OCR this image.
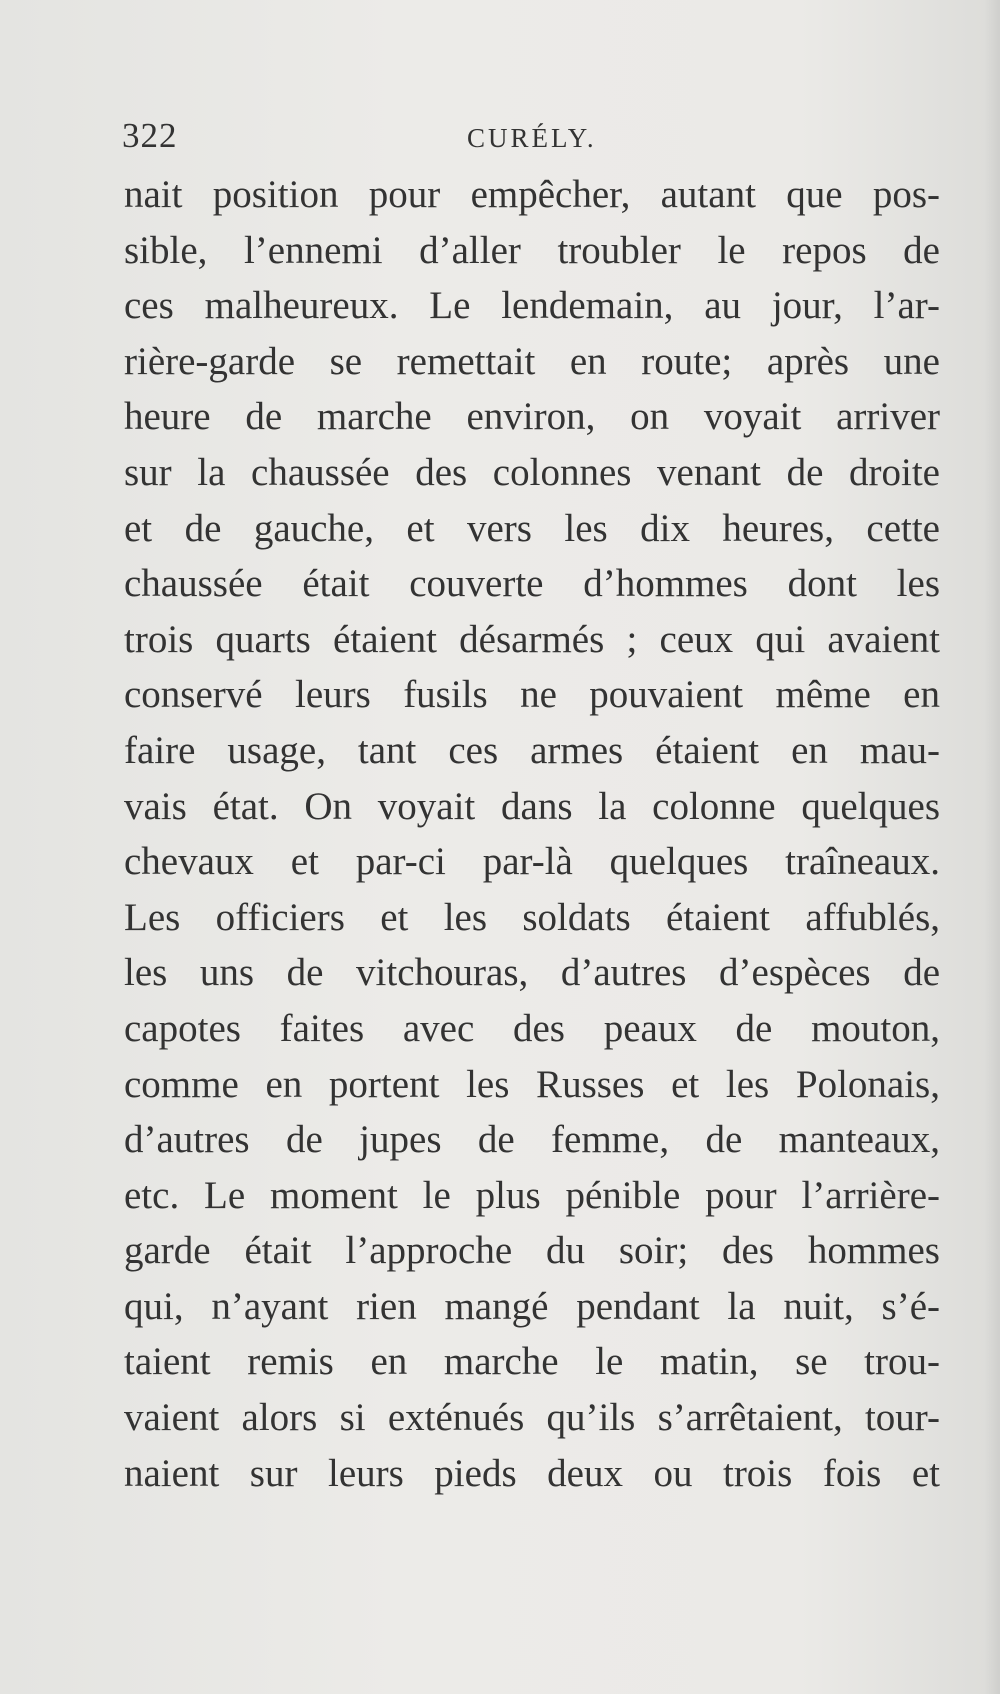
322	CURÉLY.
nait position pour empêcher, autant que pos-
sible, l’ennemi d’aller troubler le repos de
ces malheureux. Le lendemain, au jour, l’ar-
rière-garde se remettait en route; après une
heure de marche environ, on voyait arriver
sur la chaussée des colonnes venant de droite
et de gauche, et vers les dix heures, cette
chaussée était couverte d’hommes dont les
trois quarts étaient désarmés ; ceux qui avaient
conservé leurs fusils ne pouvaient même en
faire usage, tant ces armes étaient en mau-
vais état. On voyait dans la colonne quelques
chevaux et par-ci par-là quelques traîneaux.
Les officiers et les soldats étaient affublés,
les uns de vitchouras, d’autres d’espèces de
capotes faites avec des peaux de mouton,
comme en portent les Russes et les Polonais,
d’autres de jupes de femme, de manteaux,
etc. Le moment le plus pénible pour l’arrière-
garde était l’approche du soir; des hommes
qui, n’ayant rien mangé pendant la nuit, s’é-
taient remis en marche le matin, se trou-
vaient alors si exténués qu’ils s’arrêtaient, tour-
naient sur leurs pieds deux ou trois fois et
